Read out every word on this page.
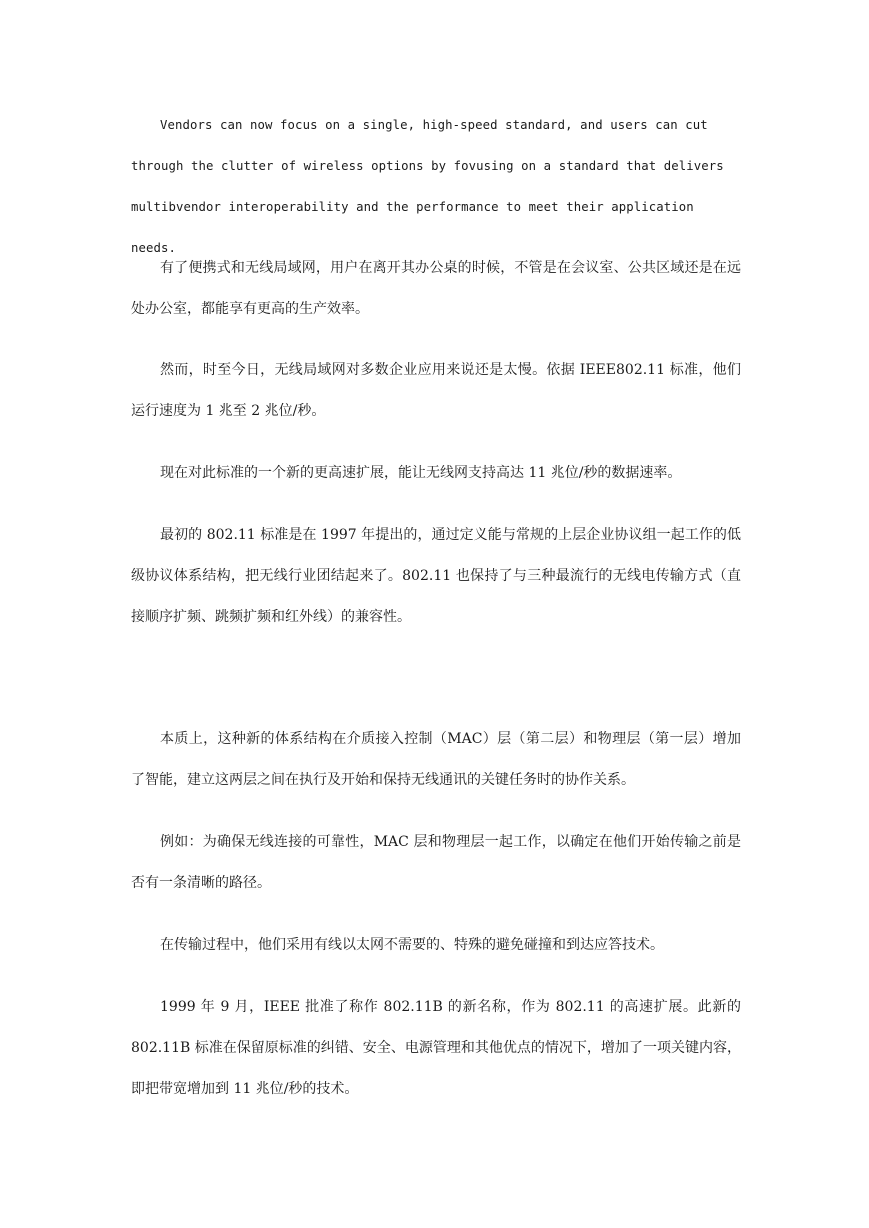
Vendors can now focus on a single, high-speed standard, and users can cut through the clutter of wireless options by fovusing on a standard that delivers multibvendor interoperability and the performance to meet their application needs.

有了便携式和无线局域网，用户在离开其办公桌的时候，不管是在会议室、公共区域还是在远处办公室，都能享有更高的生产效率。

然而，时至今日，无线局域网对多数企业应用来说还是太慢。依据 IEEE802.11 标准，他们运行速度为 1 兆至 2 兆位/秒。

现在对此标准的一个新的更高速扩展，能让无线网支持高达 11 兆位/秒的数据速率。

最初的 802.11 标准是在 1997 年提出的，通过定义能与常规的上层企业协议组一起工作的低级协议体系结构，把无线行业团结起来了。802.11 也保持了与三种最流行的无线电传输方式（直接顺序扩频、跳频扩频和红外线）的兼容性。

本质上，这种新的体系结构在介质接入控制（MAC）层（第二层）和物理层（第一层）增加了智能，建立这两层之间在执行及开始和保持无线通讯的关键任务时的协作关系。

例如：为确保无线连接的可靠性，MAC 层和物理层一起工作，以确定在他们开始传输之前是否有一条清晰的路径。

在传输过程中，他们采用有线以太网不需要的、特殊的避免碰撞和到达应答技术。

1999 年 9 月，IEEE 批准了称作 802.11B 的新名称，作为 802.11 的高速扩展。此新的 802.11B 标准在保留原标准的纠错、安全、电源管理和其他优点的情况下，增加了一项关键内容，即把带宽增加到 11 兆位/秒的技术。
